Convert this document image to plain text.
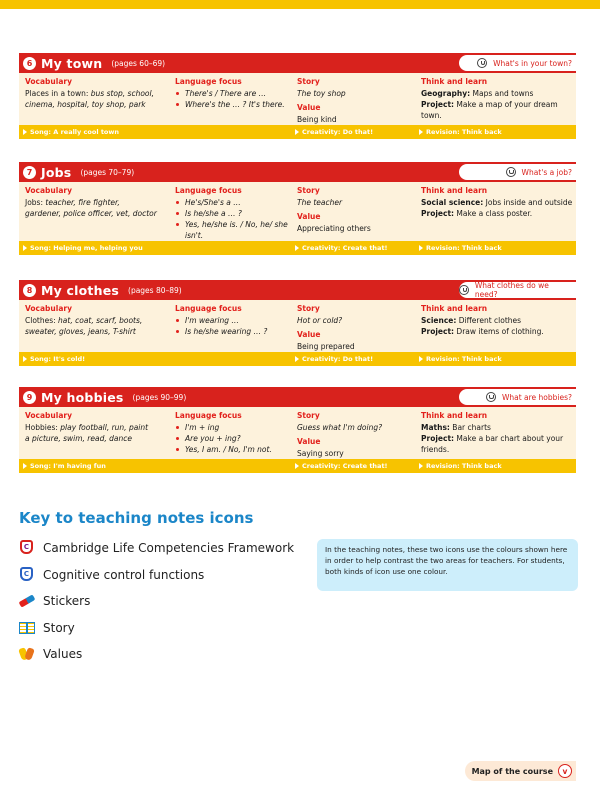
6 My town (pages 60–69)	What's in your town?
Vocabulary
Places in a town: bus stop, school,
cinema, hospital, toy shop, park
Language focus
There's / There are …
Where's the … ? It's there.
Story
The toy shop
Value
Being kind
Think and learn
Geography: Maps and towns
Project: Make a map of your dream town.
Song: A really cool town	Creativity: Do that!	Revision: Think back
7 Jobs (pages 70–79)	What's a job?
Vocabulary
Jobs: teacher, fire fighter,
gardener, police officer, vet, doctor
Language focus
He's/She's a …
Is he/she a … ?
Yes, he/she is. / No, he/ she isn't.
Story
The teacher
Value
Appreciating others
Think and learn
Social science: Jobs inside and outside
Project: Make a class poster.
Song: Helping me, helping you	Creativity: Create that!	Revision: Think back
8 My clothes (pages 80–89)	What clothes do we need?
Vocabulary
Clothes: hat, coat, scarf, boots,
sweater, gloves, jeans, T-shirt
Language focus
I'm wearing …
Is he/she wearing … ?
Story
Hot or cold?
Value
Being prepared
Think and learn
Science: Different clothes
Project: Draw items of clothing.
Song: It's cold!	Creativity: Do that!	Revision: Think back
9 My hobbies (pages 90–99)	What are hobbies?
Vocabulary
Hobbies: play football, run, paint
a picture, swim, read, dance
Language focus
I'm + ing
Are you + ing?
Yes, I am. / No, I'm not.
Story
Guess what I'm doing?
Value
Saying sorry
Think and learn
Maths: Bar charts
Project: Make a bar chart about your friends.
Song: I'm having fun	Creativity: Create that!	Revision: Think back
Key to teaching notes icons
C	Cambridge Life Competencies Framework
C	Cognitive control functions
Stickers
Story
Values
In the teaching notes, these two icons use the colours shown here in order to help contrast the two areas for teachers. For students, both kinds of icon use one colour.
Map of the course	v
